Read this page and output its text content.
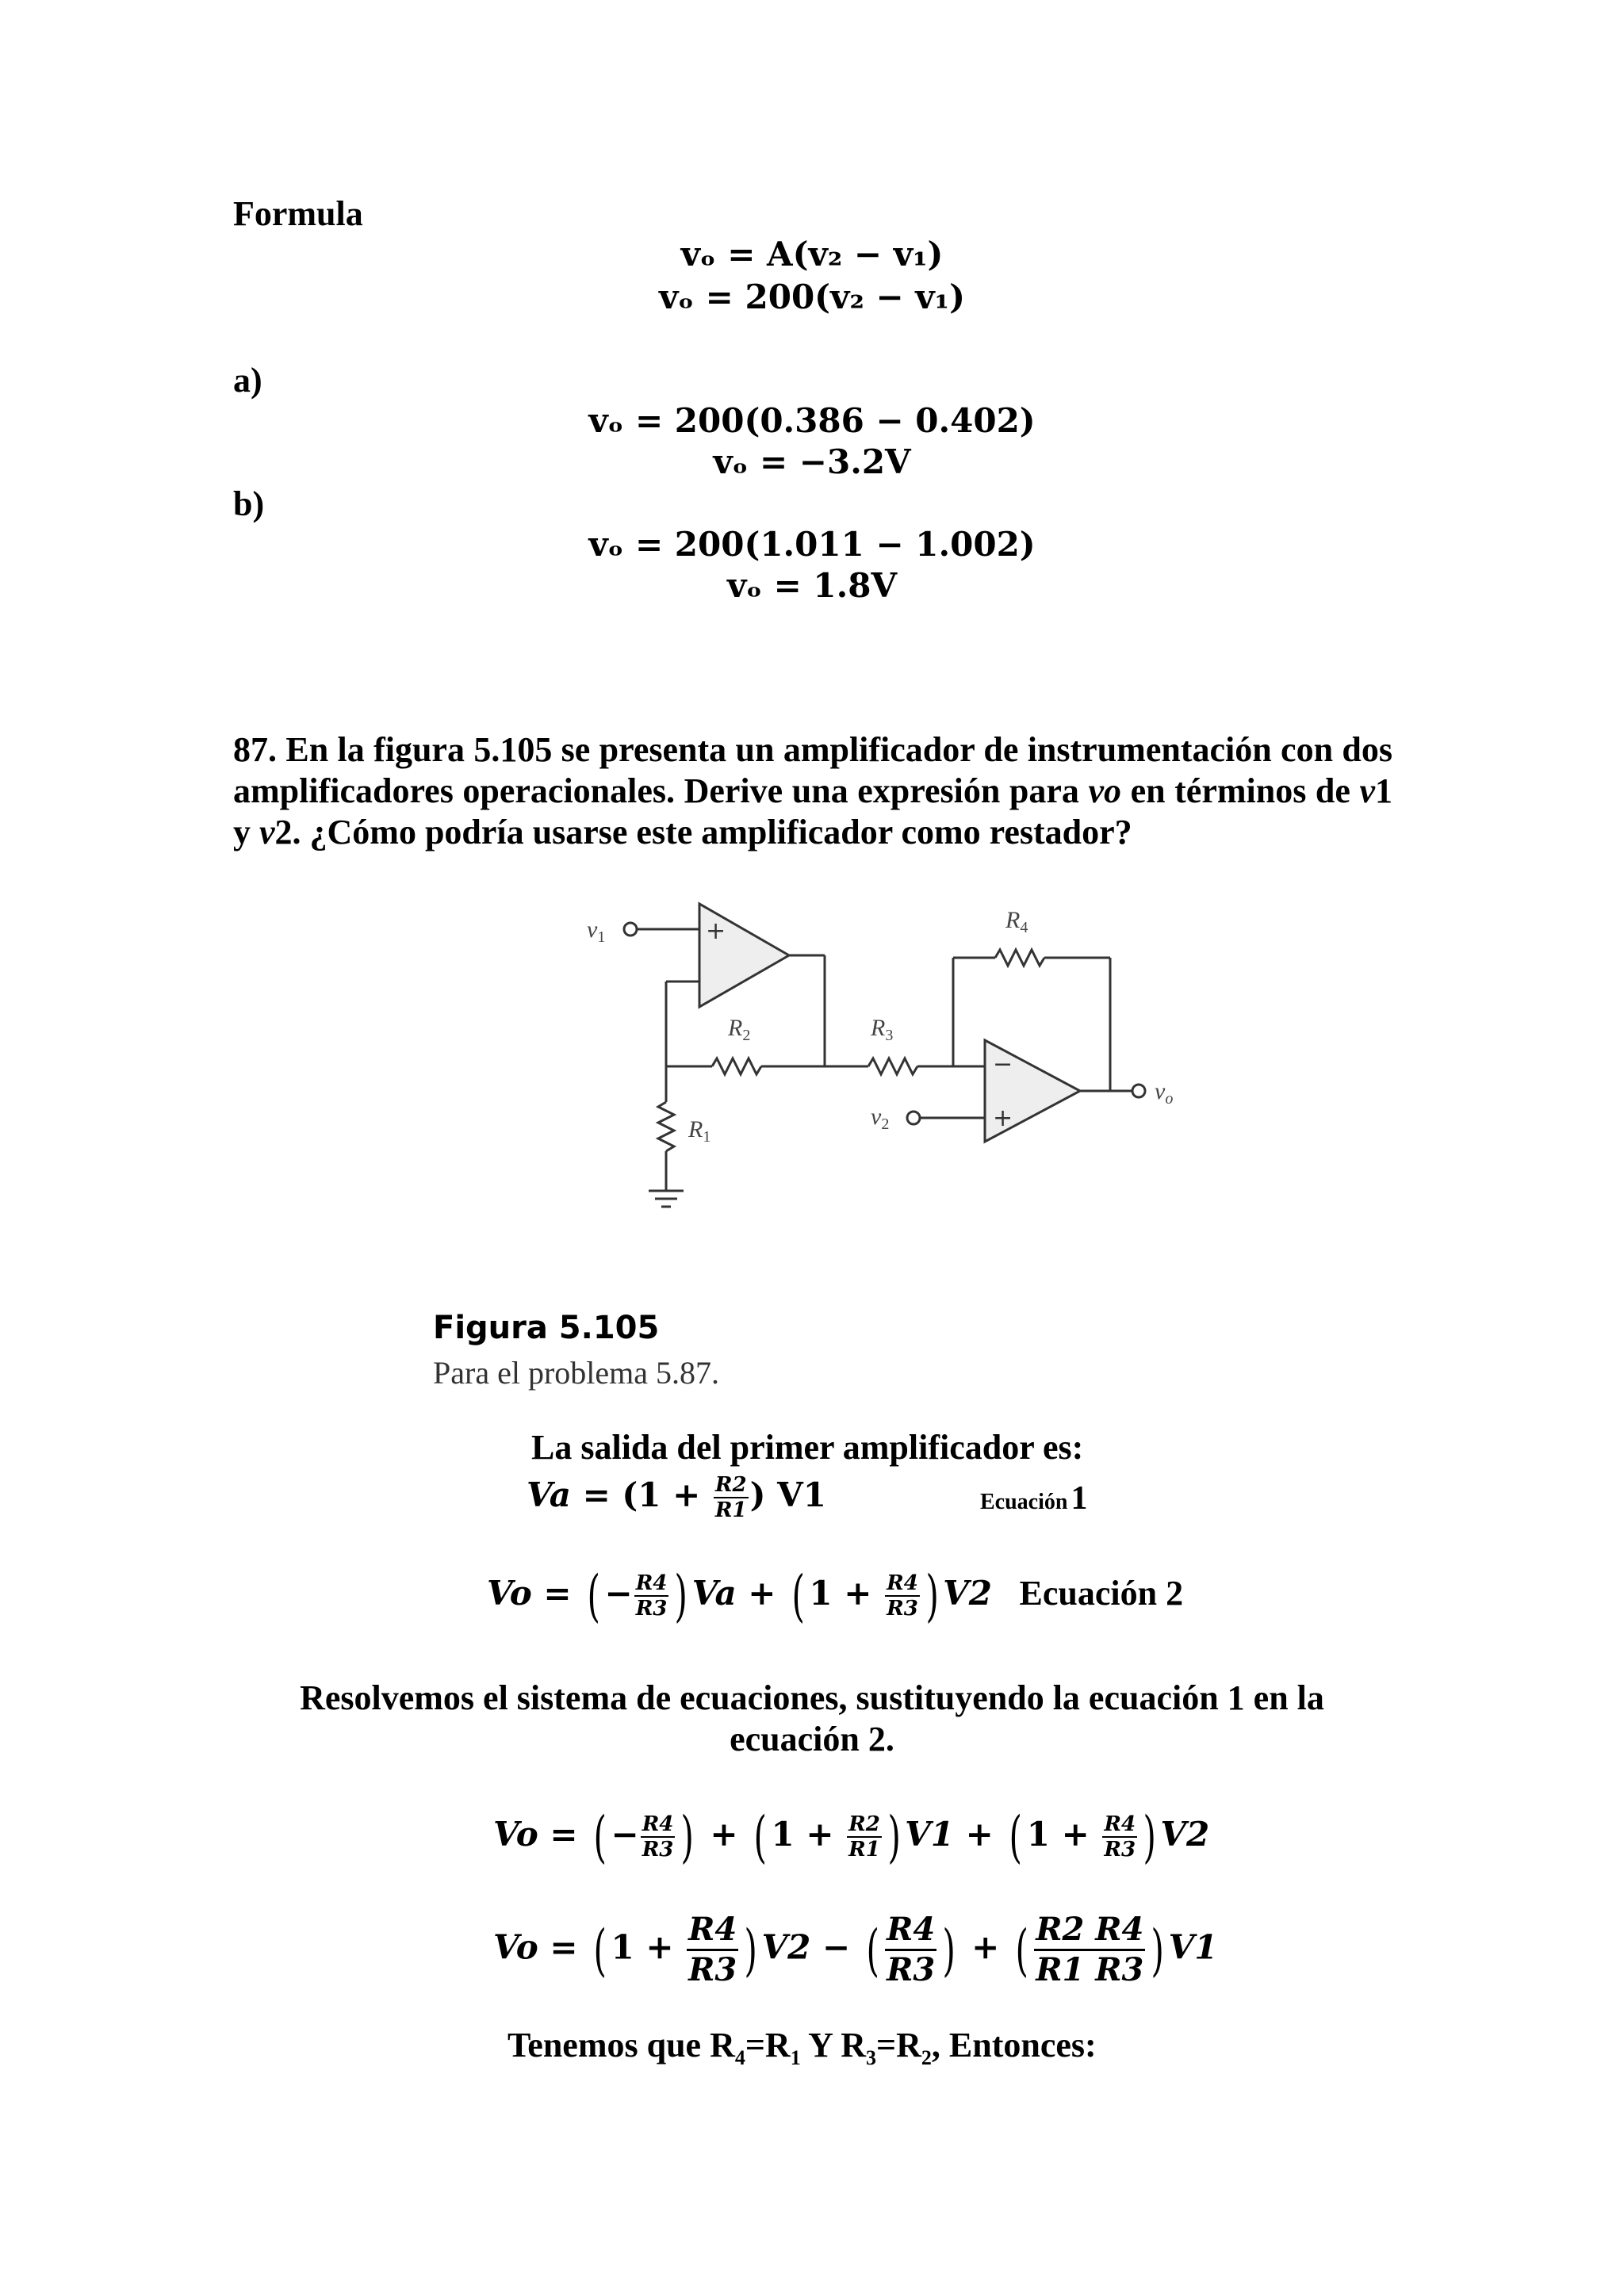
Formula
vₒ = A(v₂ − v₁)
vₒ = 200(v₂ − v₁)
a)
vₒ = 200(0.386 − 0.402)
vₒ = −3.2V
b)
vₒ = 200(1.011 − 1.002)
vₒ = 1.8V
87. En la figura 5.105 se presenta un amplificador de instrumentación con dos amplificadores operacionales. Derive una expresión para vo en términos de v1 y v2. ¿Cómo podría usarse este amplificador como restador?
$v_1$
$R_2$	$R_3$
$R_4$
$R_1$
$v_2$
$v_o$
+
−
+
Figura 5.105
Para el problema 5.87.
La salida del primer amplificador es:
$Va = (1 + \frac{R2}{R1}$ ) V1	Ecuación 1
Vo = ( − $\frac{R4}{R3}$ ) Va + ( $1 + \frac{R4}{R3}$ ) V2 Ecuación 2
Resolvemos el sistema de ecuaciones, sustituyendo la ecuación 1 en la
ecuación 2.
Vo = ( − $\frac{R4}{R3}$ ) + ( $1 + \frac{R2}{R1}$ ) V1 + ( $1 + \frac{R4}{R3}$ ) V2
Vo = ( $1 + \frac{R4}{R3}$ ) V2 − ( $\frac{R4}{R3}$ ) + ( $\frac{R2 R4}{R1 R3}$ ) V1
Tenemos que $R_4=R_1$ Y $R_3=R_2$, Entonces:
